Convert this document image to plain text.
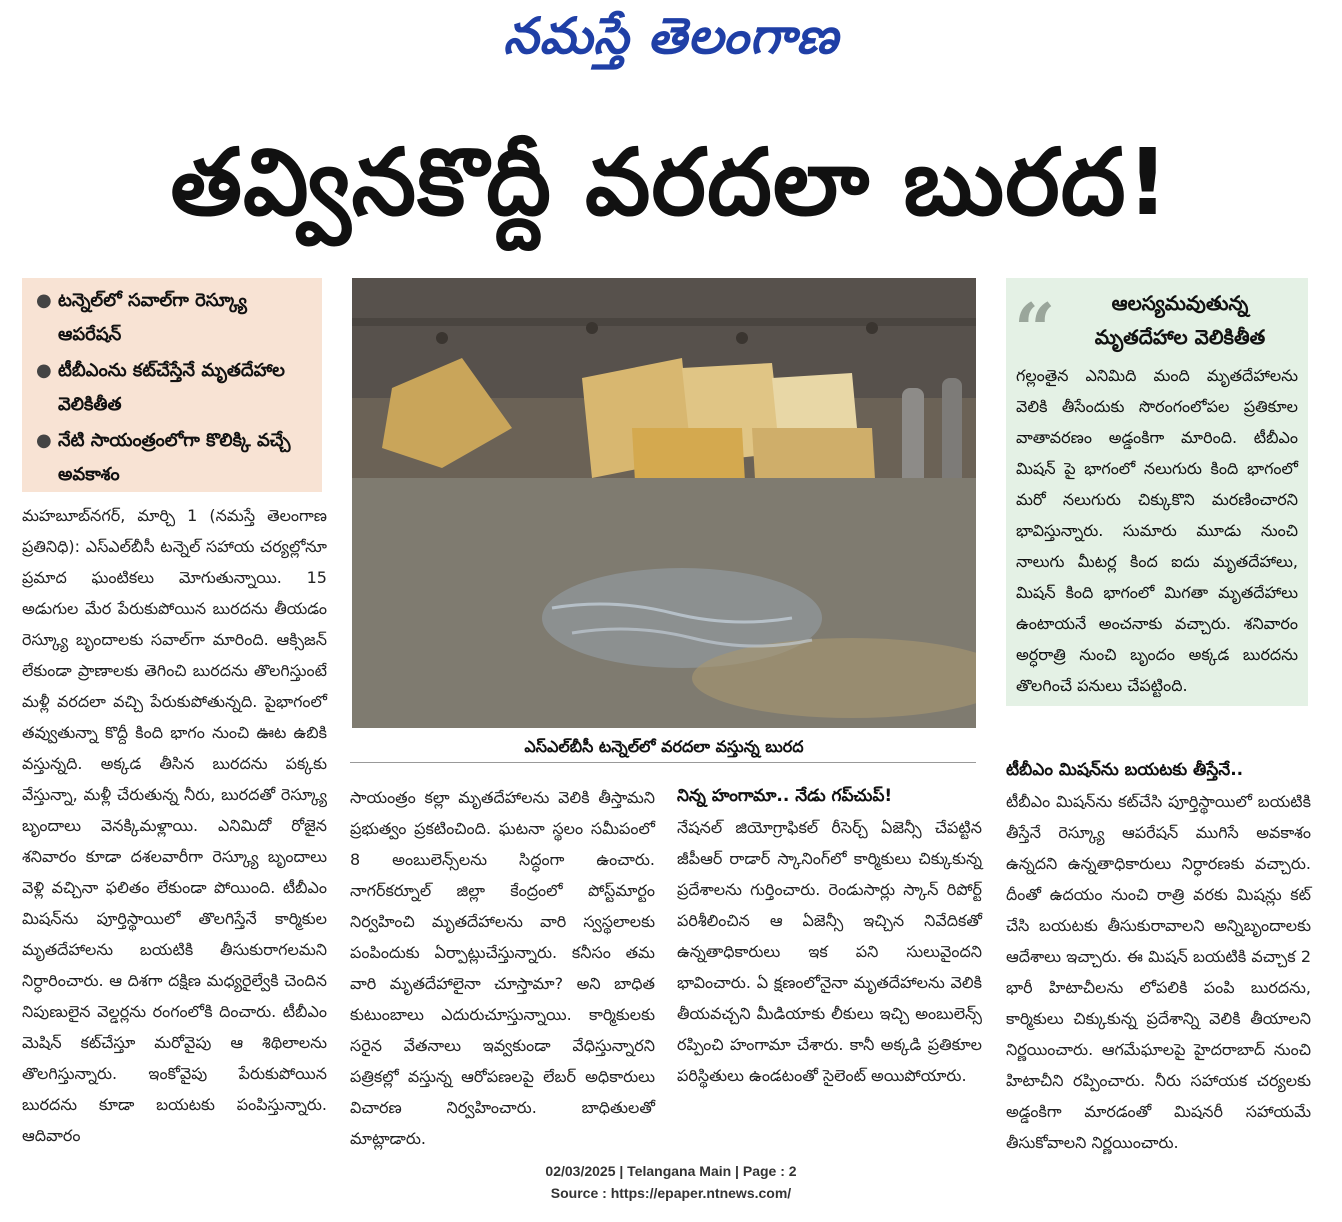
నమస్తే తెలంగాణ
తవ్వినకొద్దీ వరదలా బురద!
● టన్నెల్‌లో సవాల్‌గా రెస్క్యూ ఆపరేషన్
● టీబీఎంను కట్‌చేస్తేనే మృతదేహాల వెలికితీత
● నేటి సాయంత్రంలోగా కొలిక్కి వచ్చే అవకాశం
మహబూబ్‌నగర్‌, మార్చి 1 (నమస్తే తెలంగాణ ప్రతినిధి): ఎస్‌ఎల్‌బీసీ టన్నెల్‌ సహాయ చర్యల్లోనూ ప్రమాద ఘంటికలు మోగుతున్నాయి. 15 అడుగుల మేర పేరుకుపోయిన బురదను తీయడం రెస్క్యూ బృందాలకు సవాల్‌గా మారింది. ఆక్సిజన్‌ లేకుండా ప్రాణాలకు తెగించి బురదను తొలగిస్తుంటే మళ్లీ వరదలా వచ్చి పేరుకుపోతున్నది. పైభాగంలో తవ్వుతున్నా కొద్దీ కింది భాగం నుంచి ఊట ఉబికి వస్తున్నది. అక్కడ తీసిన బురదను పక్కకు వేస్తున్నా, మళ్లీ చేరుతున్న నీరు, బురదతో రెస్క్యూ బృందాలు వెనక్కిమళ్లాయి. ఎనిమిదో రోజైన శనివారం కూడా దశలవారీగా రెస్క్యూ బృందాలు వెళ్లి వచ్చినా ఫలితం లేకుండా పోయింది. టీబీఎం మిషన్‌ను పూర్తిస్థాయిలో తొలగిస్తేనే కార్మికుల మృతదేహాలను బయటికి తీసుకురాగలమని నిర్ధారించారు. ఆ దిశగా దక్షిణ మధ్యరైల్వేకి చెందిన నిపుణులైన వెల్డర్లను రంగంలోకి దించారు. టీబీఎం మెషిన్‌ కట్‌చేస్తూ మరోవైపు ఆ శిథిలాలను తొలగిస్తున్నారు. ఇంకోవైపు పేరుకుపోయిన బురదను కూడా బయటకు పంపిస్తున్నారు. ఆదివారం
ఎస్‌ఎల్‌బీసీ టన్నెల్‌లో వరదలా వస్తున్న బురద
సాయంత్రం కల్లా మృతదేహాలను వెలికి తీస్తామని ప్రభుత్వం ప్రకటించింది. ఘటనా స్థలం సమీపంలో 8 అంబులెన్స్‌లను సిద్ధంగా ఉంచారు. నాగర్‌కర్నూల్‌ జిల్లా కేంద్రంలో పోస్ట్‌మార్టం నిర్వహించి మృతదేహాలను వారి స్వస్థలాలకు పంపిందుకు ఏర్పాట్లుచేస్తున్నారు. కనీసం తమ వారి మృతదేహాలైనా చూస్తామా? అని బాధిత కుటుంబాలు ఎదురుచూస్తున్నాయి. కార్మికులకు సరైన వేతనాలు ఇవ్వకుండా వేధిస్తున్నారని పత్రికల్లో వస్తున్న ఆరోపణలపై లేబర్‌ అధికారులు విచారణ నిర్వహించారు. బాధితులతో మాట్లాడారు.
నిన్న హంగామా.. నేడు గప్‌చుప్‌!
నేషనల్‌ జియోగ్రాఫికల్‌ రీసెర్చ్‌ ఏజెన్సీ చేపట్టిన జీపీఆర్‌ రాడార్‌ స్కానింగ్‌లో కార్మికులు చిక్కుకున్న ప్రదేశాలను గుర్తించారు. రెండుసార్లు స్కాన్‌ రిపోర్ట్‌ పరిశీలించిన ఆ ఏజెన్సీ ఇచ్చిన నివేదికతో ఉన్నతాధికారులు ఇక పని సులువైందని భావించారు. ఏ క్షణంలోనైనా మృతదేహాలను వెలికి తీయవచ్చని మీడియాకు లీకులు ఇచ్చి అంబులెన్స్‌ రప్పించి హంగామా చేశారు. కానీ అక్కడి ప్రతికూల పరిస్థితులు ఉండటంతో సైలెంట్‌ అయిపోయారు.
“	ఆలస్యమవుతున్న మృతదేహాల వెలికితీత
గల్లంతైన ఎనిమిది మంది మృతదేహాలను వెలికి తీసేందుకు సొరంగంలోపల ప్రతికూల వాతావరణం అడ్డంకిగా మారింది. టీబీఎం మిషన్‌ పై భాగంలో నలుగురు కింది భాగంలో మరో నలుగురు చిక్కుకొని మరణించారని భావిస్తున్నారు. సుమారు మూడు నుంచి నాలుగు మీటర్ల కింద ఐదు మృతదేహాలు, మిషన్‌ కింది భాగంలో మిగతా మృతదేహాలు ఉంటాయనే అంచనాకు వచ్చారు. శనివారం అర్ధరాత్రి నుంచి బృందం అక్కడ బురదను తొలగించే పనులు చేపట్టింది.
టీబీఎం మిషన్‌ను బయటకు తీస్తేనే..
టీబీఎం మిషన్‌ను కట్‌చేసి పూర్తిస్థాయిలో బయటికి తీస్తేనే రెస్క్యూ ఆపరేషన్‌ ముగిసే అవకాశం ఉన్నదని ఉన్నతాధికారులు నిర్ధారణకు వచ్చారు. దీంతో ఉదయం నుంచి రాత్రి వరకు మిషన్లు కట్‌ చేసి బయటకు తీసుకురావాలని అన్నిబృందాలకు ఆదేశాలు ఇచ్చారు. ఈ మిషన్‌ బయటికి వచ్చాక 2 భారీ హిటాచీలను లోపలికి పంపి బురదను, కార్మికులు చిక్కుకున్న ప్రదేశాన్ని వెలికి తీయాలని నిర్ణయించారు. ఆగమేఘాలపై హైదరాబాద్‌ నుంచి హిటాచీని రప్పించారు. నీరు సహాయక చర్యలకు అడ్డంకిగా మారడంతో మిషనరీ సహాయమే తీసుకోవాలని నిర్ణయించారు.
02/03/2025 | Telangana Main | Page : 2
Source : https://epaper.ntnews.com/
